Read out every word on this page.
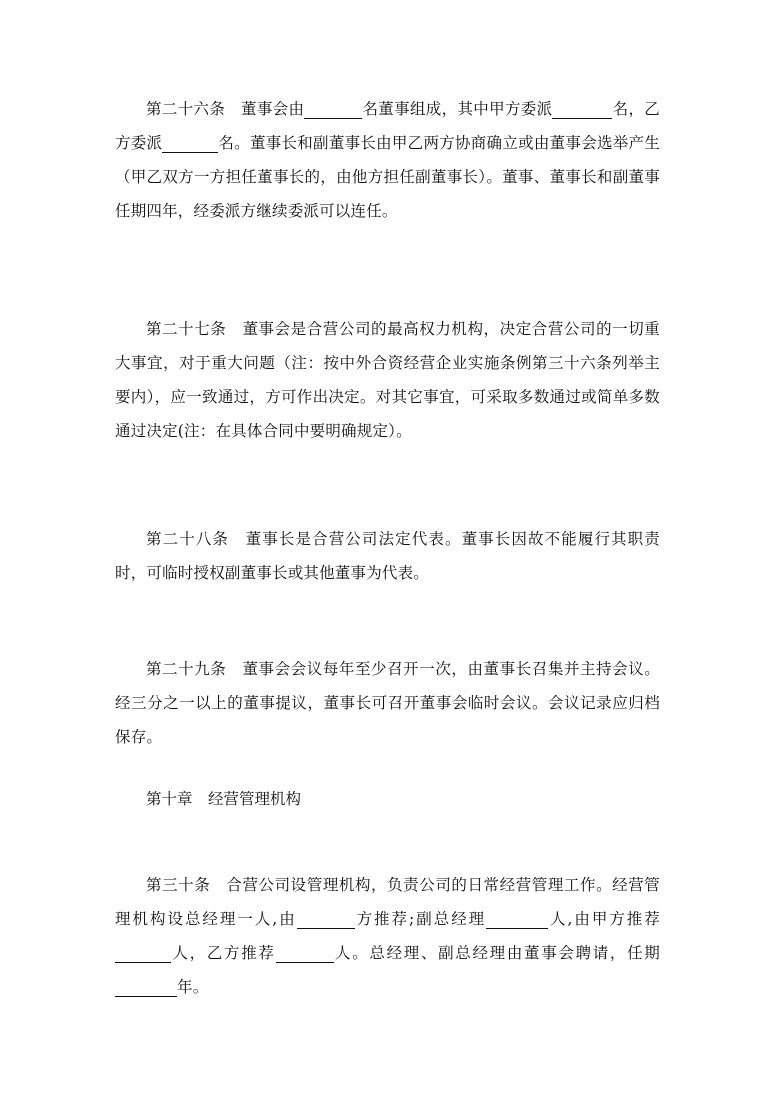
第二十六条  董事会由	名董事组成，其中甲方委派	名，乙方委派	名。董事长和副董事长由甲乙两方协商确立或由董事会选举产生（甲乙双方一方担任董事长的，由他方担任副董事长）。董事、董事长和副董事任期四年，经委派方继续委派可以连任。
第二十七条  董事会是合营公司的最高权力机构，决定合营公司的一切重大事宜，对于重大问题（注：按中外合资经营企业实施条例第三十六条列举主要内），应一致通过，方可作出决定。对其它事宜，可采取多数通过或简单多数通过决定(注：在具体合同中要明确规定）。
第二十八条  董事长是合营公司法定代表。董事长因故不能履行其职责时，可临时授权副董事长或其他董事为代表。
第二十九条  董事会会议每年至少召开一次，由董事长召集并主持会议。经三分之一以上的董事提议，董事长可召开董事会临时会议。会议记录应归档保存。
第十章  经营管理机构
第三十条  合营公司设管理机构，负责公司的日常经营管理工作。经营管理机构设总经理一人,由	方推荐;副总经理	人,由甲方推荐人，乙方推荐	人。总经理、副总经理由董事会聘请，任期年。
